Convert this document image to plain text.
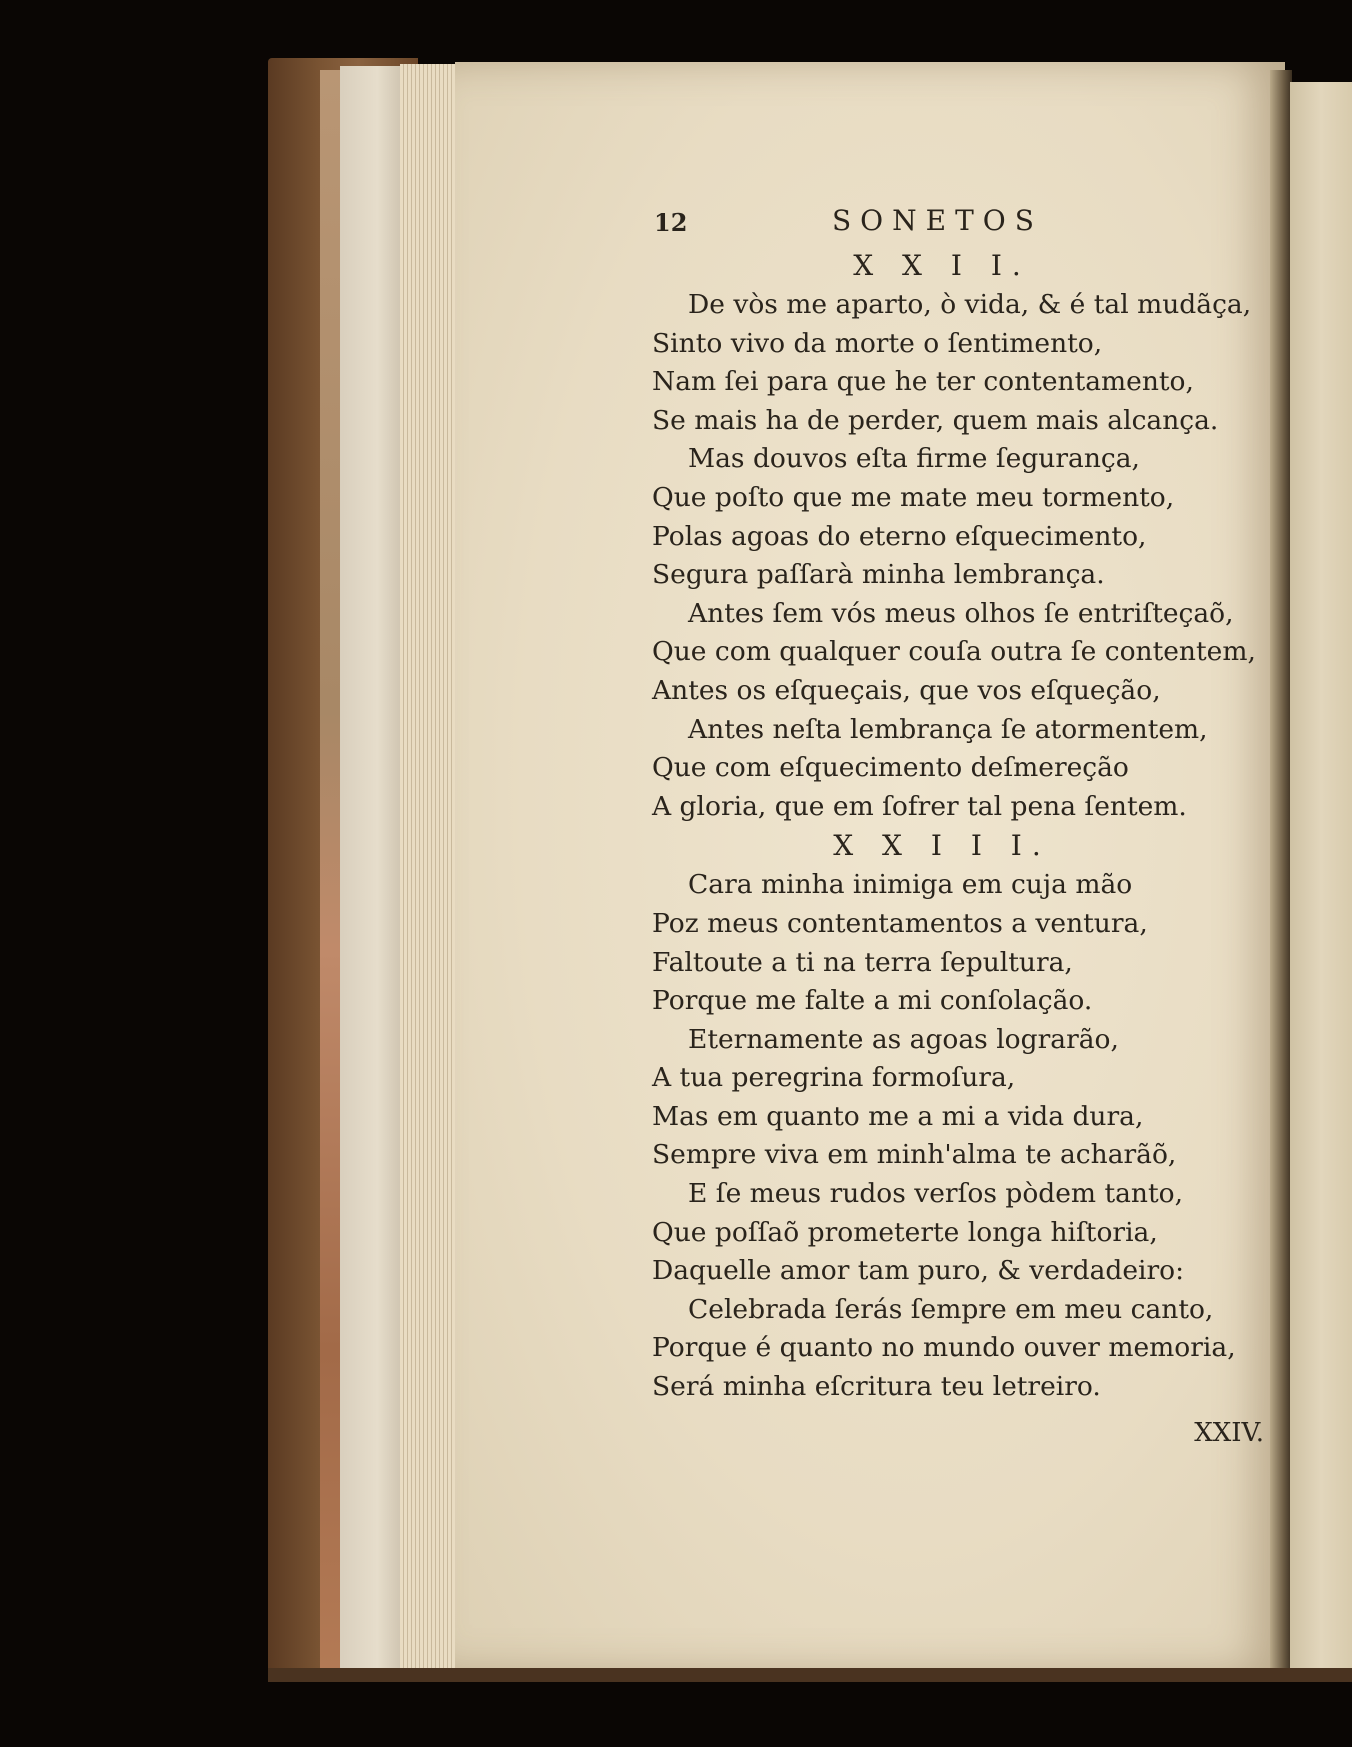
12	SONETOS
X X I I.
De vòs me aparto, ò vida, & é tal mudãça,
Sinto vivo da morte o ſentimento,
Nam ſei para que he ter contentamento,
Se mais ha de perder, quem mais alcança.
Mas douvos eſta firme ſegurança,
Que poſto que me mate meu tormento,
Polas agoas do eterno eſquecimento,
Segura paſſarà minha lembrança.
Antes ſem vós meus olhos ſe entriſteçaõ,
Que com qualquer couſa outra ſe contentem,
Antes os eſqueçais, que vos eſqueção,
Antes neſta lembrança ſe atormentem,
Que com eſquecimento deſmereção
A gloria, que em ſofrer tal pena ſentem.
X X I I I.
Cara minha inimiga em cuja mão
Poz meus contentamentos a ventura,
Faltoute a ti na terra ſepultura,
Porque me falte a mi conſolação.
Eternamente as agoas lograrão,
A tua peregrina formoſura,
Mas em quanto me a mi a vida dura,
Sempre viva em minh'alma te acharãõ,
E ſe meus rudos verſos pòdem tanto,
Que poſſaõ prometerte longa hiſtoria,
Daquelle amor tam puro, & verdadeiro:
Celebrada ſerás ſempre em meu canto,
Porque é quanto no mundo ouver memoria,
Será minha eſcritura teu letreiro.
XXIV.
